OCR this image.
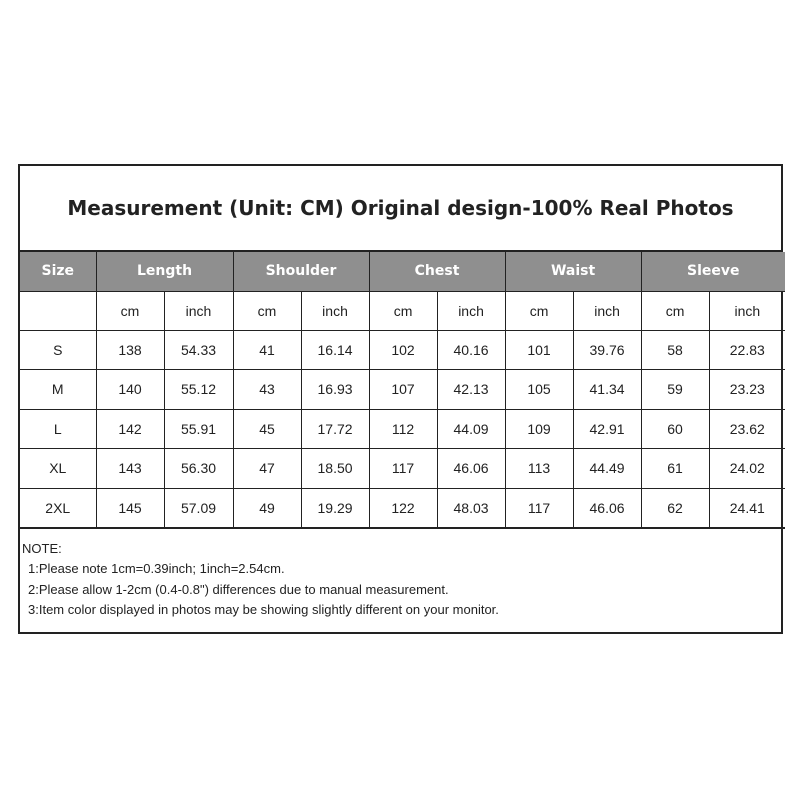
Measurement (Unit: CM) Original design-100% Real Photos
Size	Length		Shoulder		Chest		Waist		Sleeve	
	cm	inch	cm	inch	cm	inch	cm	inch	cm	inch
S	138	54.33	41	16.14	102	40.16	101	39.76	58	22.83
M	140	55.12	43	16.93	107	42.13	105	41.34	59	23.23
L	142	55.91	45	17.72	112	44.09	109	42.91	60	23.62
XL	143	56.30	47	18.50	117	46.06	113	44.49	61	24.02
2XL	145	57.09	49	19.29	122	48.03	117	46.06	62	24.41
NOTE:
1:Please note 1cm=0.39inch; 1inch=2.54cm.
2:Please allow 1-2cm (0.4-0.8") differences due to manual measurement.
3:Item color displayed in photos may be showing slightly different on your monitor.
